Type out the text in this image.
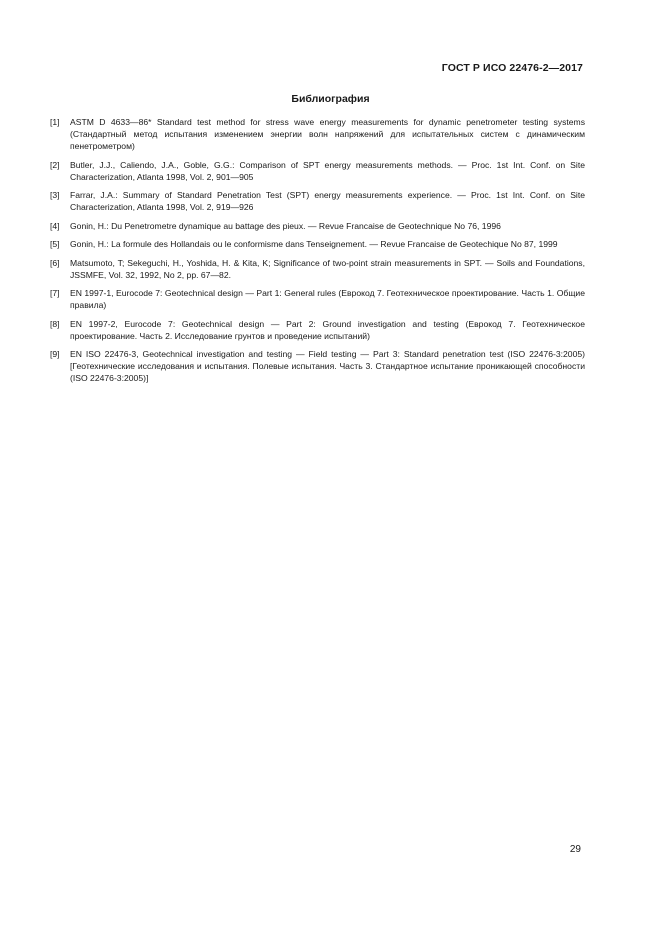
ГОСТ Р ИСО 22476-2—2017
Библиография
[1]	ASTM D 4633—86* Standard test method for stress wave energy measurements for dynamic penetrometer testing systems (Стандартный метод испытания изменением энергии волн напряжений для испытательных систем с динамическим пенетрометром)
[2]	Butler, J.J., Caliendo, J.A., Goble, G.G.: Comparison of SPT energy measurements methods. — Proc. 1st Int. Conf. on Site Characterization, Atlanta 1998, Vol. 2, 901—905
[3]	Farrar, J.A.: Summary of Standard Penetration Test (SPT) energy measurements experience. — Proc. 1st Int. Conf. on Site Characterization, Atlanta 1998, Vol. 2, 919—926
[4]	Gonin, H.: Du Penetrometre dynamique au battage des pieux. — Revue Francaise de Geotechnique No 76, 1996
[5]	Gonin, H.: La formule des Hollandais ou le conformisme dans Tenseignement. — Revue Francaise de Geotechique No 87, 1999
[6]	Matsumoto, T; Sekeguchi, H., Yoshida, H. & Kita, K; Significance of two-point strain measurements in SPT. — Soils and Foundations, JSSMFE, Vol. 32, 1992, No 2, pp. 67—82.
[7]	EN 1997-1, Eurocode 7: Geotechnical design — Part 1: General rules (Еврокод 7. Геотехническое проектирование. Часть 1. Общие правила)
[8]	EN 1997-2, Eurocode 7: Geotechnical design — Part 2: Ground investigation and testing (Еврокод 7. Геотехническое проектирование. Часть 2. Исследование грунтов и проведение испытаний)
[9]	EN ISO 22476-3, Geotechnical investigation and testing — Field testing — Part 3: Standard penetration test (ISO 22476-3:2005) [Геотехнические исследования и испытания. Полевые испытания. Часть 3. Стандартное испытание проникающей способности (ISO 22476-3:2005)]
29
